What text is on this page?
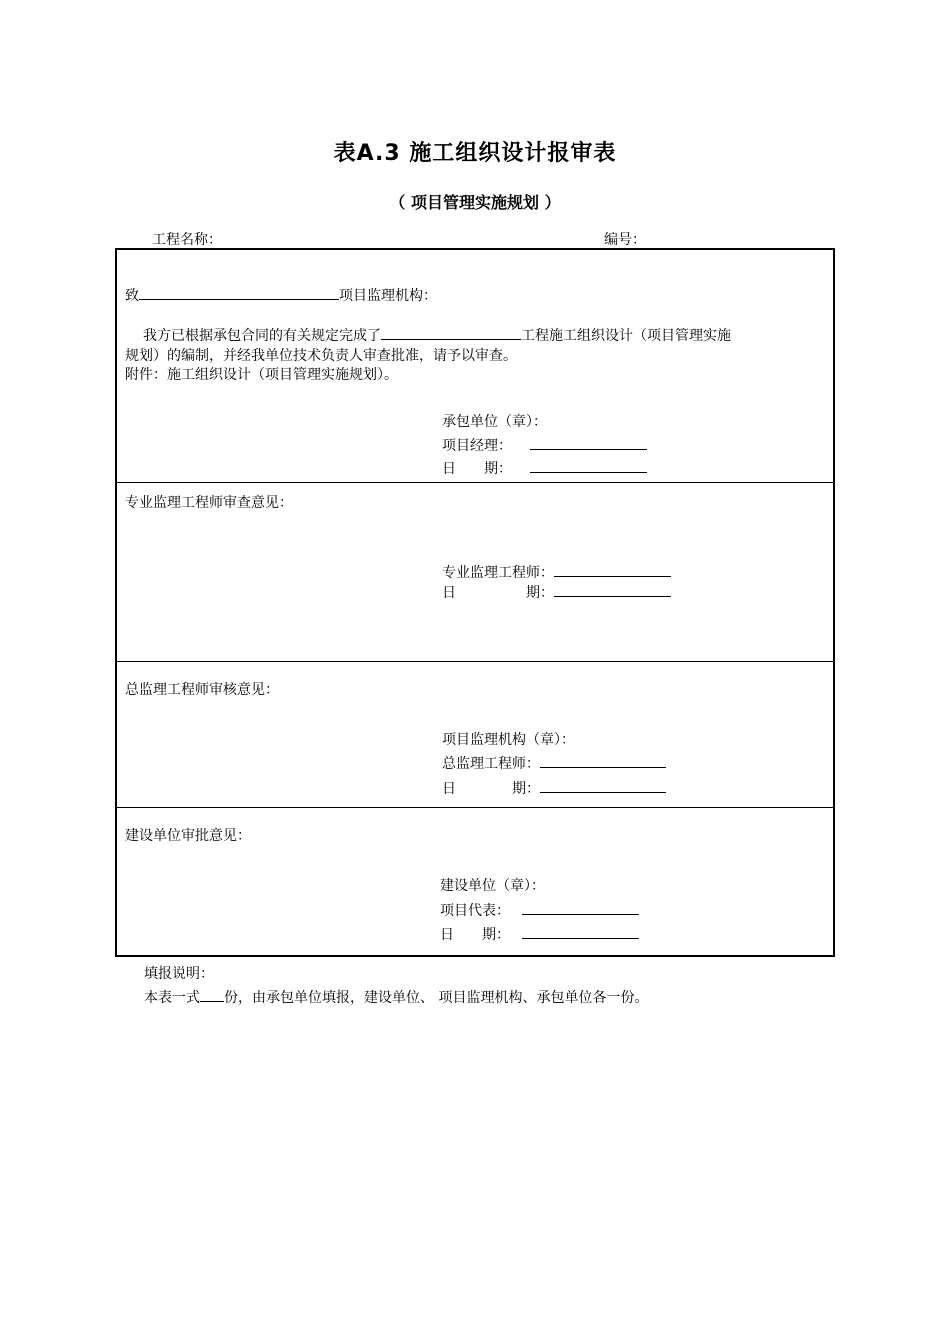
表A.3 施工组织设计报审表
（ 项目管理实施规划 ）
工程名称：	编号：
致	项目监理机构：
我方已根据承包合同的有关规定完成了	工程施工组织设计（项目管理实施
规划）的编制，并经我单位技术负责人审查批准，请予以审查。
附件：施工组织设计（项目管理实施规划）。
承包单位（章）：
项目经理：
日　　期：
专业监理工程师审查意见：
专业监理工程师：
日　　　　　期：
总监理工程师审核意见：
项目监理机构（章）：
总监理工程师：
日　　　　期：
建设单位审批意见：
建设单位（章）：
项目代表：
日　　期：
填报说明：
本表一式 份，由承包单位填报，建设单位、 项目监理机构、承包单位各一份。
